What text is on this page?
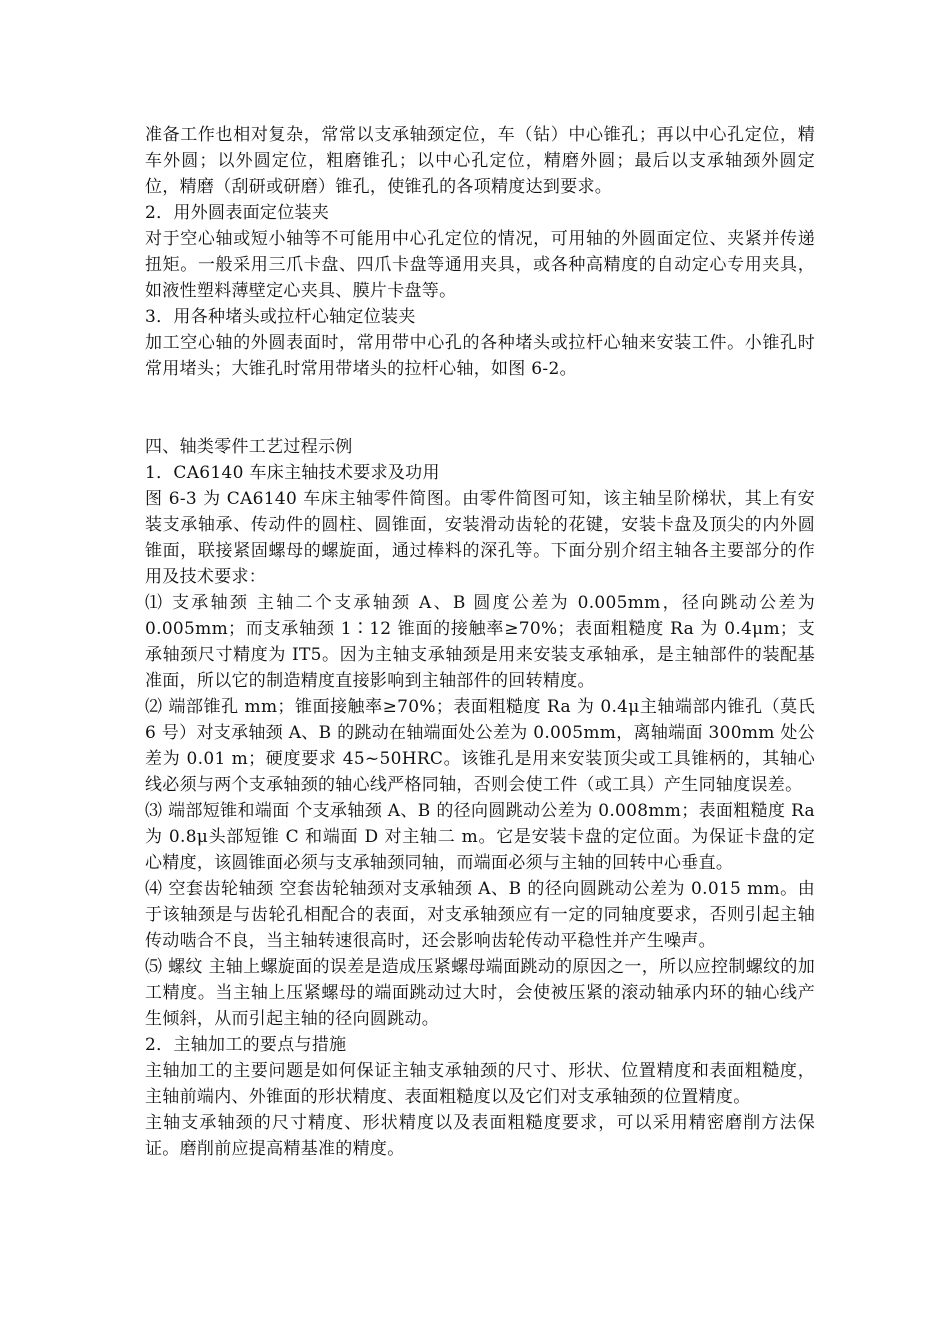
准备工作也相对复杂，常常以支承轴颈定位，车（钻）中心锥孔；再以中心孔定位，精车外圆；以外圆定位，粗磨锥孔；以中心孔定位，精磨外圆；最后以支承轴颈外圆定位，精磨（刮研或研磨）锥孔，使锥孔的各项精度达到要求。

2．用外圆表面定位装夹

对于空心轴或短小轴等不可能用中心孔定位的情况，可用轴的外圆面定位、夹紧并传递扭矩。一般采用三爪卡盘、四爪卡盘等通用夹具，或各种高精度的自动定心专用夹具，如液性塑料薄壁定心夹具、膜片卡盘等。

3．用各种堵头或拉杆心轴定位装夹

加工空心轴的外圆表面时，常用带中心孔的各种堵头或拉杆心轴来安装工件。小锥孔时常用堵头；大锥孔时常用带堵头的拉杆心轴，如图 6-2。

四、轴类零件工艺过程示例

1．CA6140 车床主轴技术要求及功用

图 6-3 为 CA6140 车床主轴零件简图。由零件简图可知，该主轴呈阶梯状，其上有安装支承轴承、传动件的圆柱、圆锥面，安装滑动齿轮的花键，安装卡盘及顶尖的内外圆锥面，联接紧固螺母的螺旋面，通过棒料的深孔等。下面分别介绍主轴各主要部分的作用及技术要求：

⑴ 支承轴颈 主轴二个支承轴颈 A、B 圆度公差为 0.005mm，径向跳动公差为 0.005mm；而支承轴颈 1∶12 锥面的接触率≥70%；表面粗糙度 Ra 为 0.4μm；支承轴颈尺寸精度为 IT5。因为主轴支承轴颈是用来安装支承轴承，是主轴部件的装配基准面，所以它的制造精度直接影响到主轴部件的回转精度。

⑵ 端部锥孔 mm；锥面接触率≥70%；表面粗糙度 Ra 为 0.4μ主轴端部内锥孔（莫氏 6 号）对支承轴颈 A、B 的跳动在轴端面处公差为 0.005mm，离轴端面 300mm 处公差为 0.01 m；硬度要求 45~50HRC。该锥孔是用来安装顶尖或工具锥柄的，其轴心线必须与两个支承轴颈的轴心线严格同轴，否则会使工件（或工具）产生同轴度误差。

⑶ 端部短锥和端面 个支承轴颈 A、B 的径向圆跳动公差为 0.008mm；表面粗糙度 Ra 为 0.8μ头部短锥 C 和端面 D 对主轴二 m。它是安装卡盘的定位面。为保证卡盘的定心精度，该圆锥面必须与支承轴颈同轴，而端面必须与主轴的回转中心垂直。

⑷ 空套齿轮轴颈 空套齿轮轴颈对支承轴颈 A、B 的径向圆跳动公差为 0.015 mm。由于该轴颈是与齿轮孔相配合的表面，对支承轴颈应有一定的同轴度要求，否则引起主轴传动啮合不良，当主轴转速很高时，还会影响齿轮传动平稳性并产生噪声。

⑸ 螺纹 主轴上螺旋面的误差是造成压紧螺母端面跳动的原因之一，所以应控制螺纹的加工精度。当主轴上压紧螺母的端面跳动过大时，会使被压紧的滚动轴承内环的轴心线产生倾斜，从而引起主轴的径向圆跳动。

2．主轴加工的要点与措施

主轴加工的主要问题是如何保证主轴支承轴颈的尺寸、形状、位置精度和表面粗糙度，主轴前端内、外锥面的形状精度、表面粗糙度以及它们对支承轴颈的位置精度。

主轴支承轴颈的尺寸精度、形状精度以及表面粗糙度要求，可以采用精密磨削方法保证。磨削前应提高精基准的精度。
